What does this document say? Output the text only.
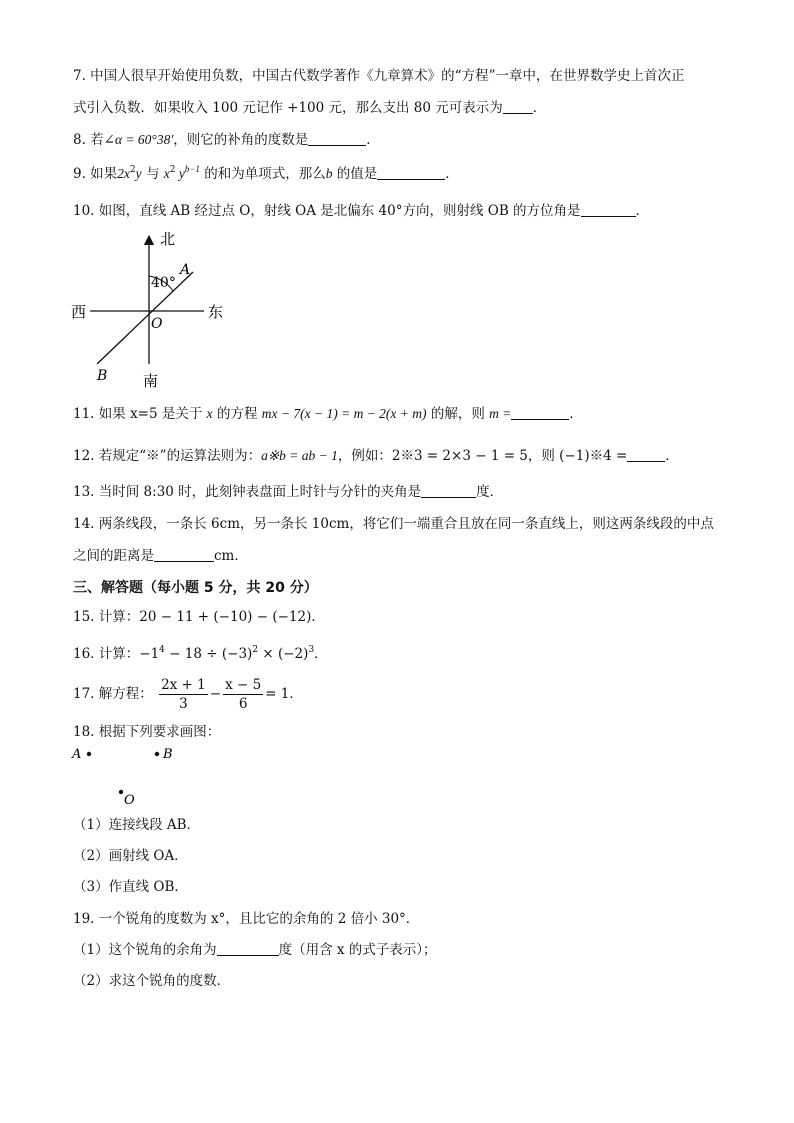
7. 中国人很早开始使用负数，中国古代数学著作《九章算术》的“方程”一章中，在世界数学史上首次正
式引入负数．如果收入 100 元记作 +100 元，那么支出 80 元可表示为 ．
8. 若∠α = 60°38′，则它的补角的度数是	．
9. 如果$2x^2y$ 与 $x^2$ $y^{b-1}$ 的和为单项式，那么b 的值是	．
10. 如图，直线 AB 经过点 O，射线 OA 是北偏东 40°方向，则射线 OB 的方位角是	．
北
南
西	东
40°
A
B
O
11. 如果 x=5 是关于 x 的方程 mx − 7(x − 1) = m − 2(x + m) 的解，则 m =	．
12. 若规定“※”的运算法则为：a※b = ab − 1，例如：2※3 = 2×3 − 1 = 5，则 (−1)※4 =	．
13. 当时间 8:30 时，此刻钟表盘面上时针与分针的夹角是	度．
14. 两条线段，一条长 6cm，另一条长 10cm，将它们一端重合且放在同一条直线上，则这两条线段的中点
之间的距离是	cm．
三、解答题（每小题 5 分，共 20 分）
15. 计算：20 − 11 + (−10) − (−12)．
16. 计算：$-1^4 - 18 \div (-3)^2 \times (-2)^3$．
17. 解方程： $\frac{2x + 1}{3} - \frac{x - 5}{6} = 1$．
18. 根据下列要求画图：
A	B
O
（1）连接线段 AB．
（2）画射线 OA．
（3）作直线 OB．
19. 一个锐角的度数为 x°，且比它的余角的 2 倍小 30°．
（1）这个锐角的余角为	度（用含 x 的式子表示）；
（2）求这个锐角的度数．
